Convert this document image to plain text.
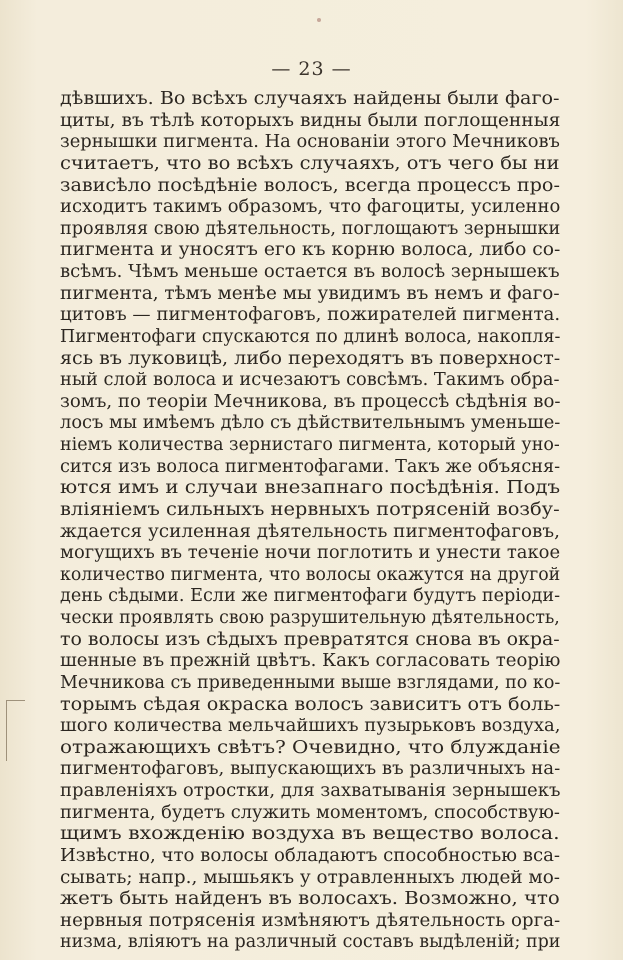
— 23 —
дѣвшихъ. Во всѣхъ случаяхъ найдены были фаго-
циты, въ тѣлѣ которыхъ видны были поглощенныя
зернышки пигмента. На основаніи этого Мечниковъ
считаетъ, что во всѣхъ случаяхъ, отъ чего бы ни
зависѣло посѣдѣніе волосъ, всегда процессъ про-
исходитъ такимъ образомъ, что фагоциты, усиленно
проявляя свою дѣятельность, поглощаютъ зернышки
пигмента и уносятъ его къ корню волоса, либо со-
всѣмъ. Чѣмъ меньше остается въ волосѣ зернышекъ
пигмента, тѣмъ менѣе мы увидимъ въ немъ и фаго-
цитовъ — пигментофаговъ, пожирателей пигмента.
Пигментофаги спускаются по длинѣ волоса, накопля-
ясь въ луковицѣ, либо переходятъ въ поверхност-
ный слой волоса и исчезаютъ совсѣмъ. Такимъ обра-
зомъ, по теоріи Мечникова, въ процессѣ сѣдѣнія во-
лосъ мы имѣемъ дѣло съ дѣйствительнымъ уменьше-
ніемъ количества зернистаго пигмента, который уно-
сится изъ волоса пигментофагами. Такъ же объясня-
ются имъ и случаи внезапнаго посѣдѣнія. Подъ
вліяніемъ сильныхъ нервныхъ потрясеній возбу-
ждается усиленная дѣятельность пигментофаговъ,
могущихъ въ теченіе ночи поглотить и унести такое
количество пигмента, что волосы окажутся на другой
день сѣдыми. Если же пигментофаги будутъ періоди-
чески проявлять свою разрушительную дѣятельность,
то волосы изъ сѣдыхъ превратятся снова въ окра-
шенные въ прежній цвѣтъ. Какъ согласовать теорію
Мечникова съ приведенными выше взглядами, по ко-
торымъ сѣдая окраска волосъ зависитъ отъ боль-
шого количества мельчайшихъ пузырьковъ воздуха,
отражающихъ свѣтъ? Очевидно, что блужданіе
пигментофаговъ, выпускающихъ въ различныхъ на-
правленіяхъ отростки, для захватыванія зернышекъ
пигмента, будетъ служить моментомъ, способствую-
щимъ вхожденію воздуха въ вещество волоса.
Извѣстно, что волосы обладаютъ способностью вса-
сывать; напр., мышьякъ у отравленныхъ людей мо-
жетъ быть найденъ въ волосахъ. Возможно, что
нервныя потрясенія измѣняютъ дѣятельность орга-
низма, вліяютъ на различный составъ выдѣленій; при
